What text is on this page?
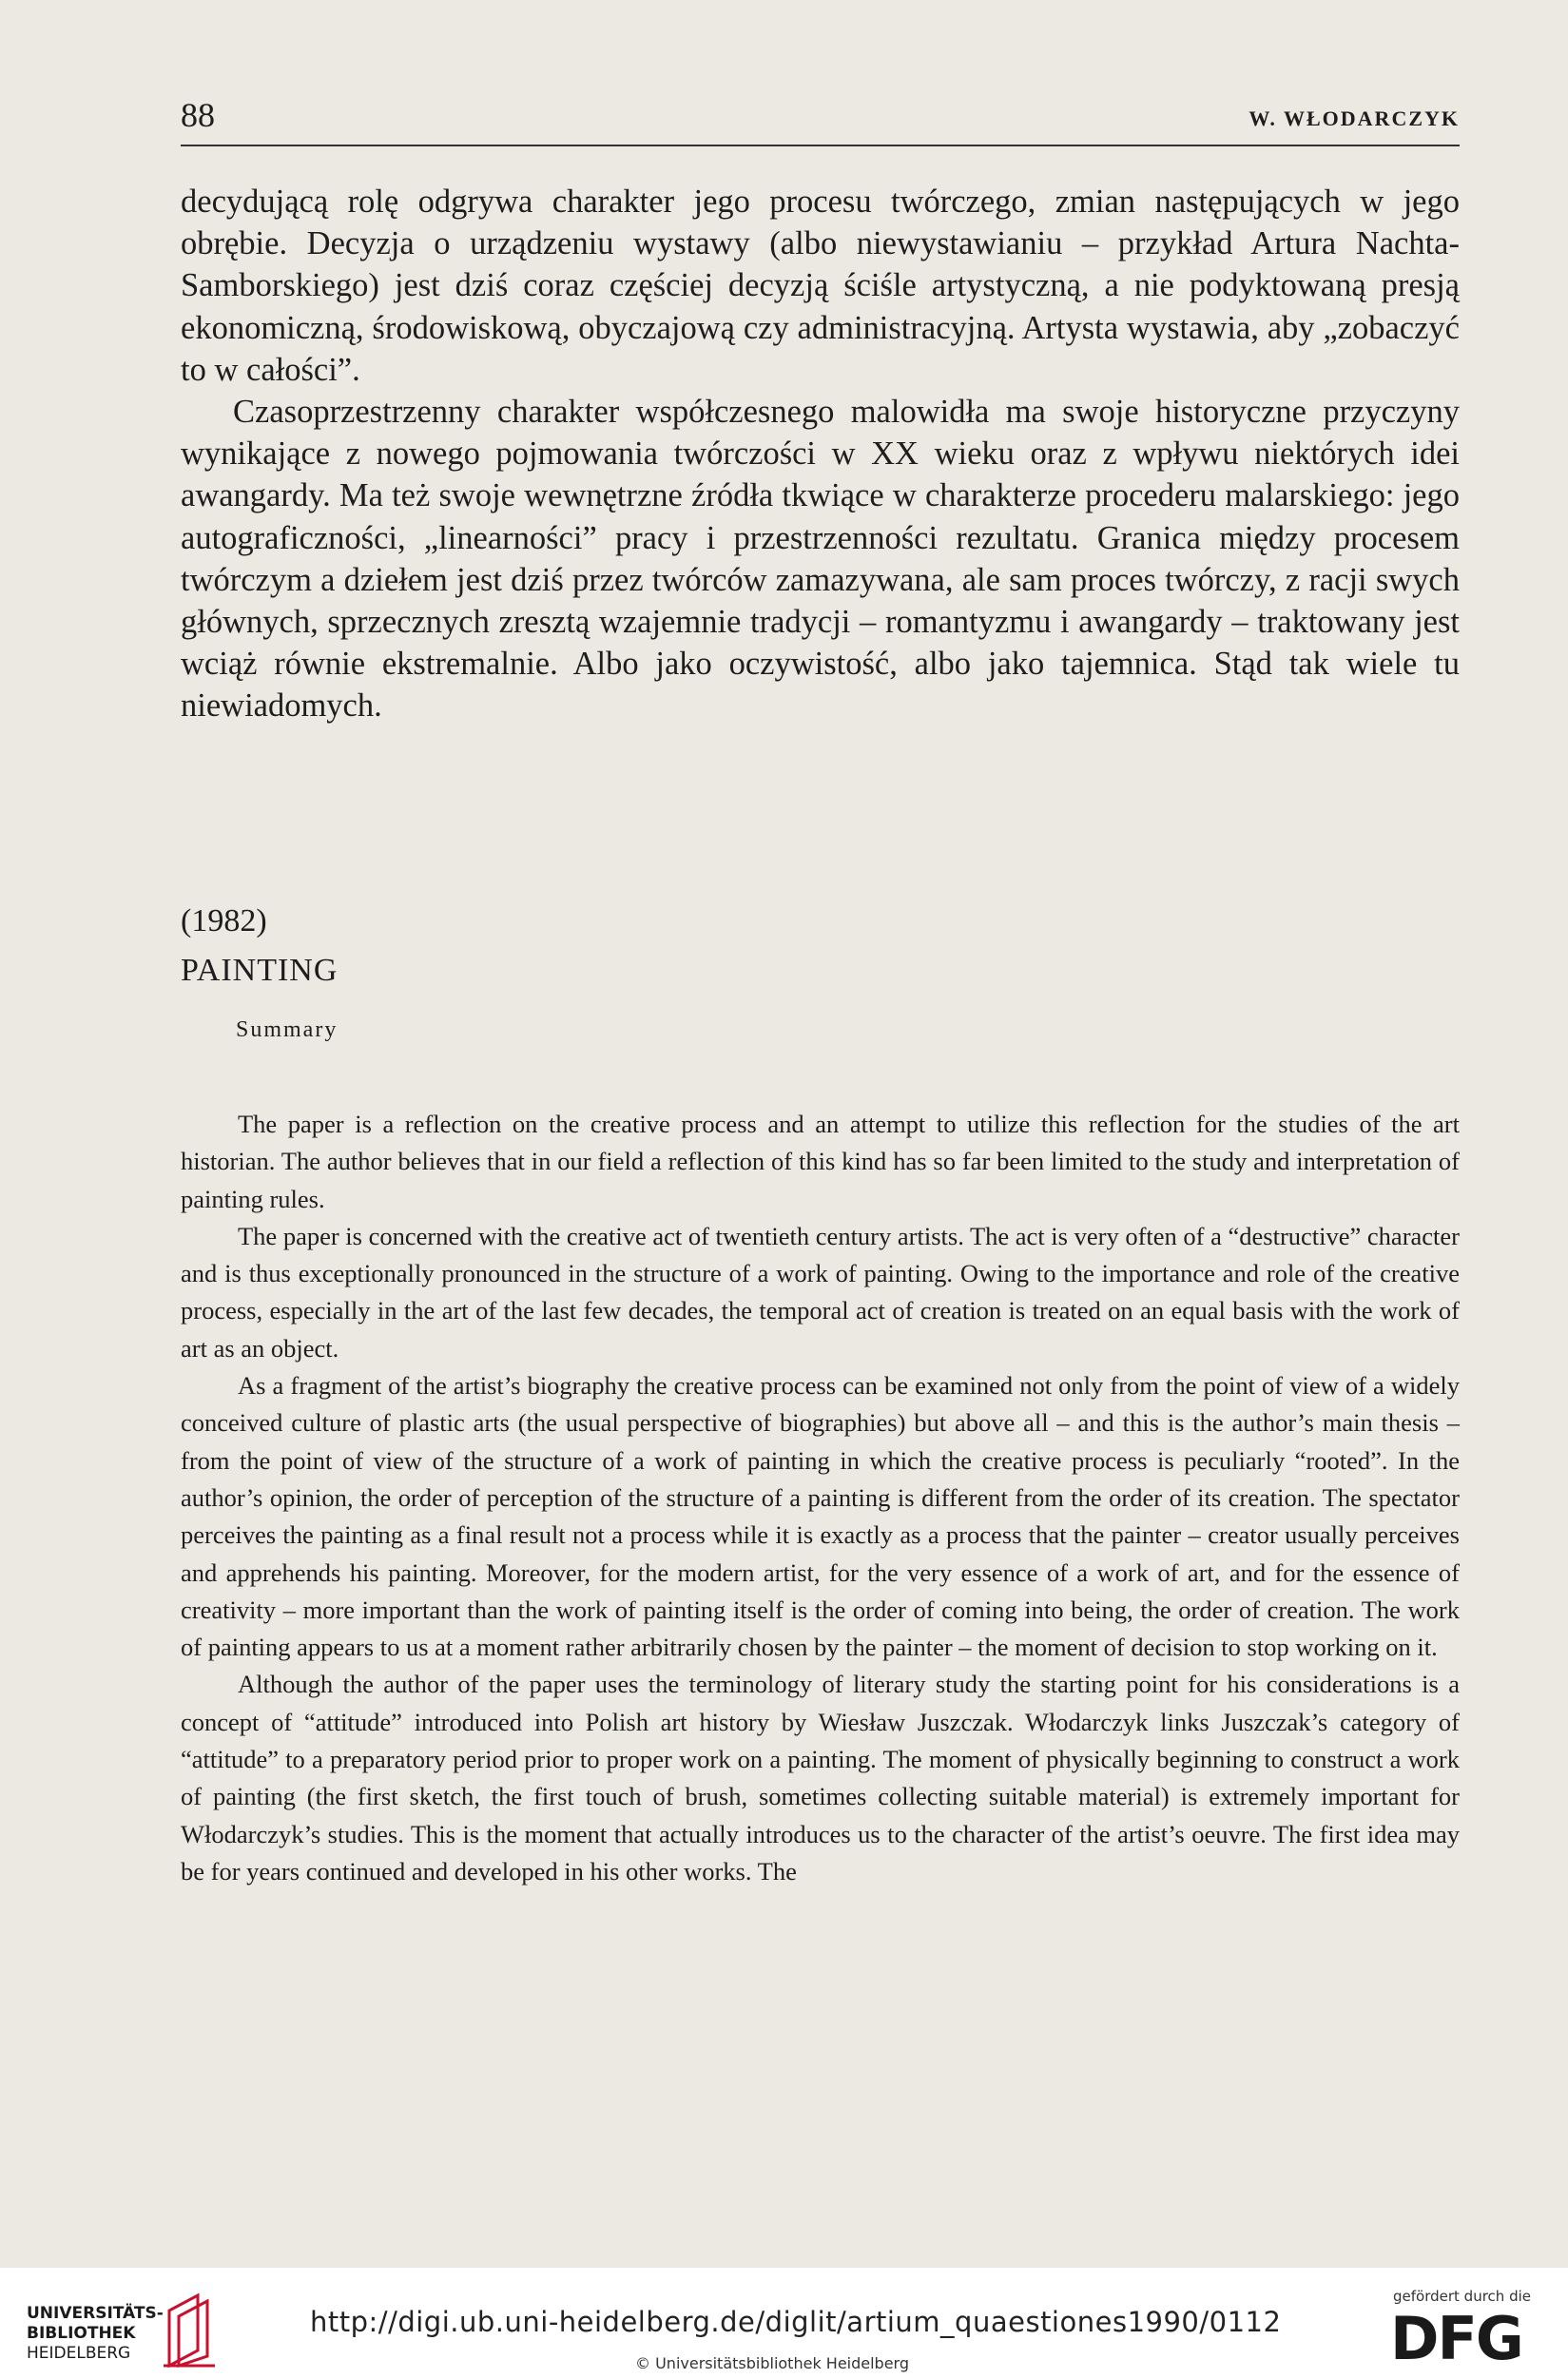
88	W. WŁODARCZYK

decydującą rolę odgrywa charakter jego procesu twórczego, zmian następujących w jego obrębie. Decyzja o urządzeniu wystawy (albo niewystawianiu – przykład Artura Nachta-Samborskiego) jest dziś coraz częściej decyzją ściśle artystyczną, a nie podyktowaną presją ekonomiczną, środowiskową, obyczajową czy administracyjną. Artysta wystawia, aby „zobaczyć to w całości”.

Czasoprzestrzenny charakter współczesnego malowidła ma swoje historyczne przyczyny wynikające z nowego pojmowania twórczości w XX wieku oraz z wpływu niektórych idei awangardy. Ma też swoje wewnętrzne źródła tkwiące w charakterze procederu malarskiego: jego autograficzności, „linearności” pracy i przestrzenności rezultatu. Granica między procesem twórczym a dziełem jest dziś przez twórców zamazywana, ale sam proces twórczy, z racji swych głównych, sprzecznych zresztą wzajemnie tradycji – romantyzmu i awangardy – traktowany jest wciąż równie ekstremalnie. Albo jako oczywistość, albo jako tajemnica. Stąd tak wiele tu niewiadomych.

(1982)
PAINTING
Summary

The paper is a reflection on the creative process and an attempt to utilize this reflection for the studies of the art historian. The author believes that in our field a reflection of this kind has so far been limited to the study and interpretation of painting rules.

The paper is concerned with the creative act of twentieth century artists. The act is very often of a “destructive” character and is thus exceptionally pronounced in the structure of a work of painting. Owing to the importance and role of the creative process, especially in the art of the last few decades, the temporal act of creation is treated on an equal basis with the work of art as an object.

As a fragment of the artist’s biography the creative process can be examined not only from the point of view of a widely conceived culture of plastic arts (the usual perspective of biographies) but above all – and this is the author’s main thesis – from the point of view of the structure of a work of painting in which the creative process is peculiarly “rooted”. In the author’s opinion, the order of perception of the structure of a painting is different from the order of its creation. The spectator perceives the painting as a final result not a process while it is exactly as a process that the painter – creator usually perceives and apprehends his painting. Moreover, for the modern artist, for the very essence of a work of art, and for the essence of creativity – more important than the work of painting itself is the order of coming into being, the order of creation. The work of painting appears to us at a moment rather arbitrarily chosen by the painter – the moment of decision to stop working on it.

Although the author of the paper uses the terminology of literary study the starting point for his considerations is a concept of “attitude” introduced into Polish art history by Wiesław Juszczak. Włodarczyk links Juszczak’s category of “attitude” to a preparatory period prior to proper work on a painting. The moment of physically beginning to construct a work of painting (the first sketch, the first touch of brush, sometimes collecting suitable material) is extremely important for Włodarczyk’s studies. This is the moment that actually introduces us to the character of the artist’s oeuvre. The first idea may be for years continued and developed in his other works. The

UNIVERSITÄTS-
BIBLIOTHEK
HEIDELBERG
http://digi.ub.uni-heidelberg.de/diglit/artium_quaestiones1990/0112
© Universitätsbibliothek Heidelberg
gefördert durch die
DFG
